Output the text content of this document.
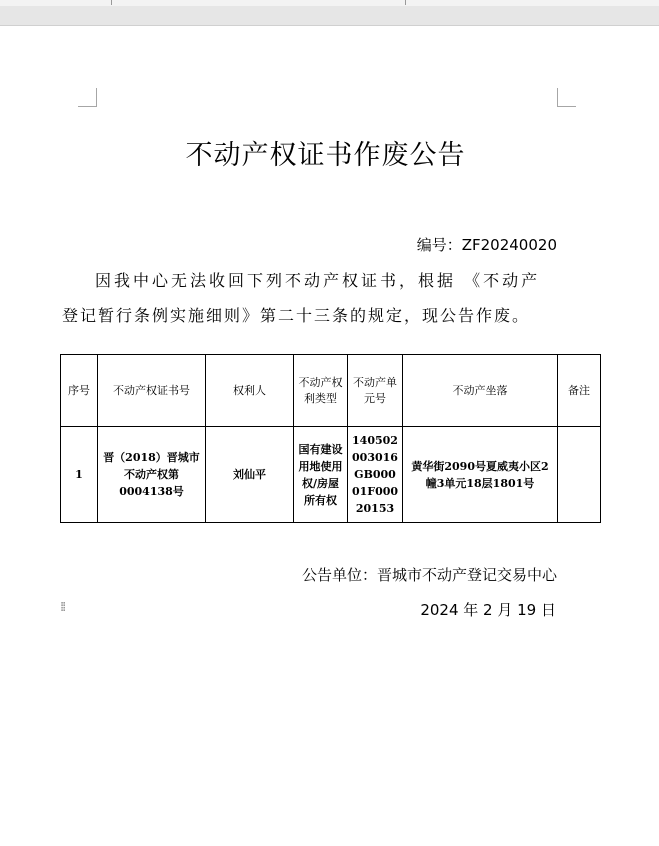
不动产权证书作废公告
编号：ZF20240020
因我中心无法收回下列不动产权证书，根据 《不动产
登记暂行条例实施细则》第二十三条的规定，现公告作废。
序号	不动产权证书号	权利人	不动产权利类型	不动产单元号	不动产坐落	备注
1	晋（2018）晋城市不动产权第0004138号	刘仙平	国有建设用地使用权/房屋所有权	140502003016GB00001F00020153	黄华街2090号夏威夷小区2幢3单元18层1801号	
公告单位：晋城市不动产登记交易中心
⁞⁞	2024 年 2 月 19 日
